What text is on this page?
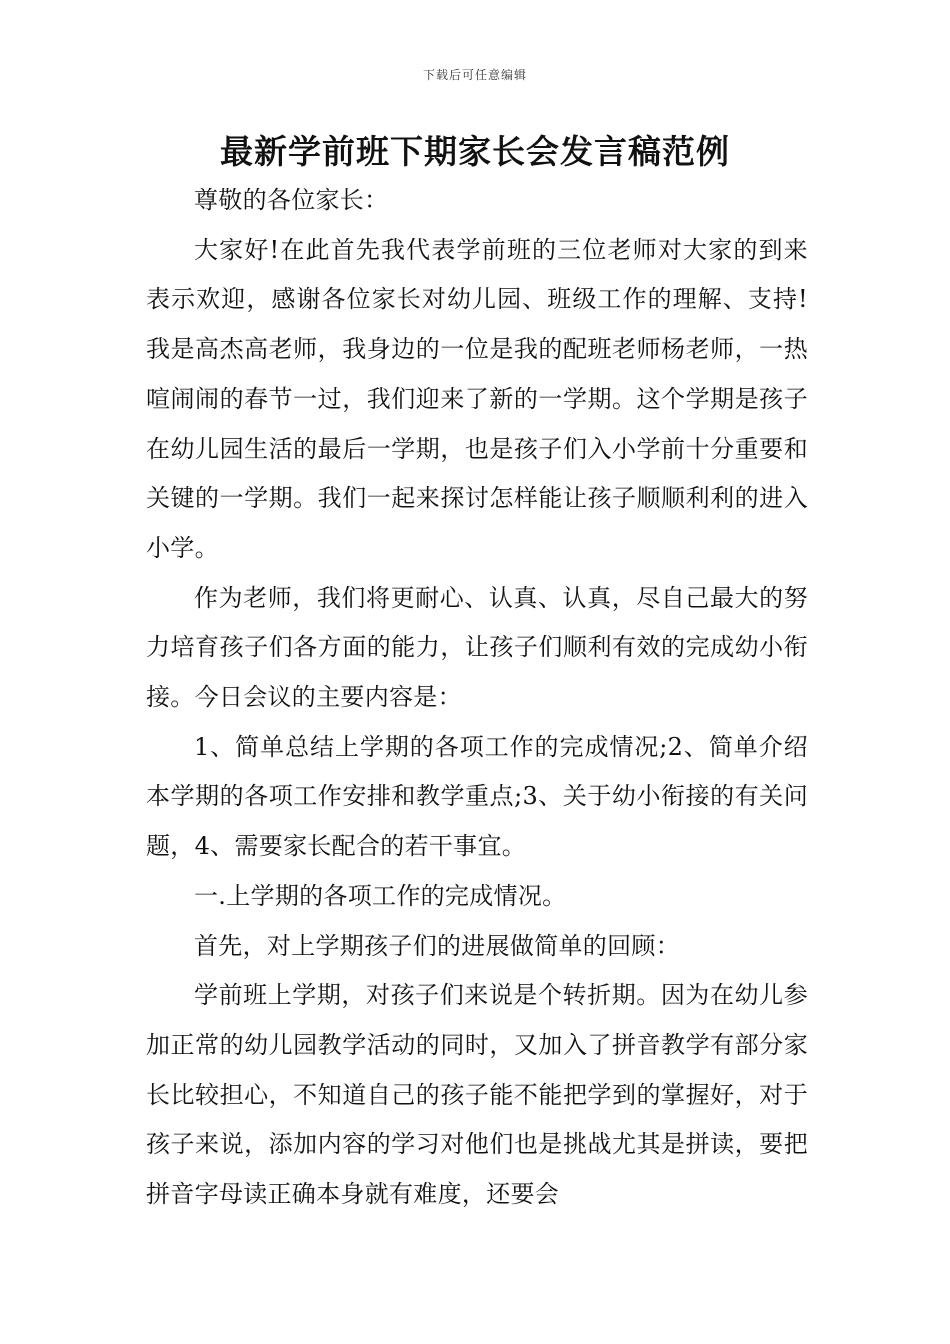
下载后可任意编辑
最新学前班下期家长会发言稿范例

尊敬的各位家长：

大家好!在此首先我代表学前班的三位老师对大家的到来表示欢迎，感谢各位家长对幼儿园、班级工作的理解、支持!我是高杰高老师，我身边的一位是我的配班老师杨老师，一热喧闹闹的春节一过，我们迎来了新的一学期。这个学期是孩子在幼儿园生活的最后一学期，也是孩子们入小学前十分重要和关键的一学期。我们一起来探讨怎样能让孩子顺顺利利的进入小学。

作为老师，我们将更耐心、认真、认真，尽自己最大的努力培育孩子们各方面的能力，让孩子们顺利有效的完成幼小衔接。今日会议的主要内容是：

1、简单总结上学期的各项工作的完成情况;2、简单介绍本学期的各项工作安排和教学重点;3、关于幼小衔接的有关问题，4、需要家长配合的若干事宜。

一.上学期的各项工作的完成情况。

首先，对上学期孩子们的进展做简单的回顾：

学前班上学期，对孩子们来说是个转折期。因为在幼儿参加正常的幼儿园教学活动的同时，又加入了拼音教学有部分家长比较担心，不知道自己的孩子能不能把学到的掌握好，对于孩子来说，添加内容的学习对他们也是挑战尤其是拼读，要把拼音字母读正确本身就有难度，还要会
